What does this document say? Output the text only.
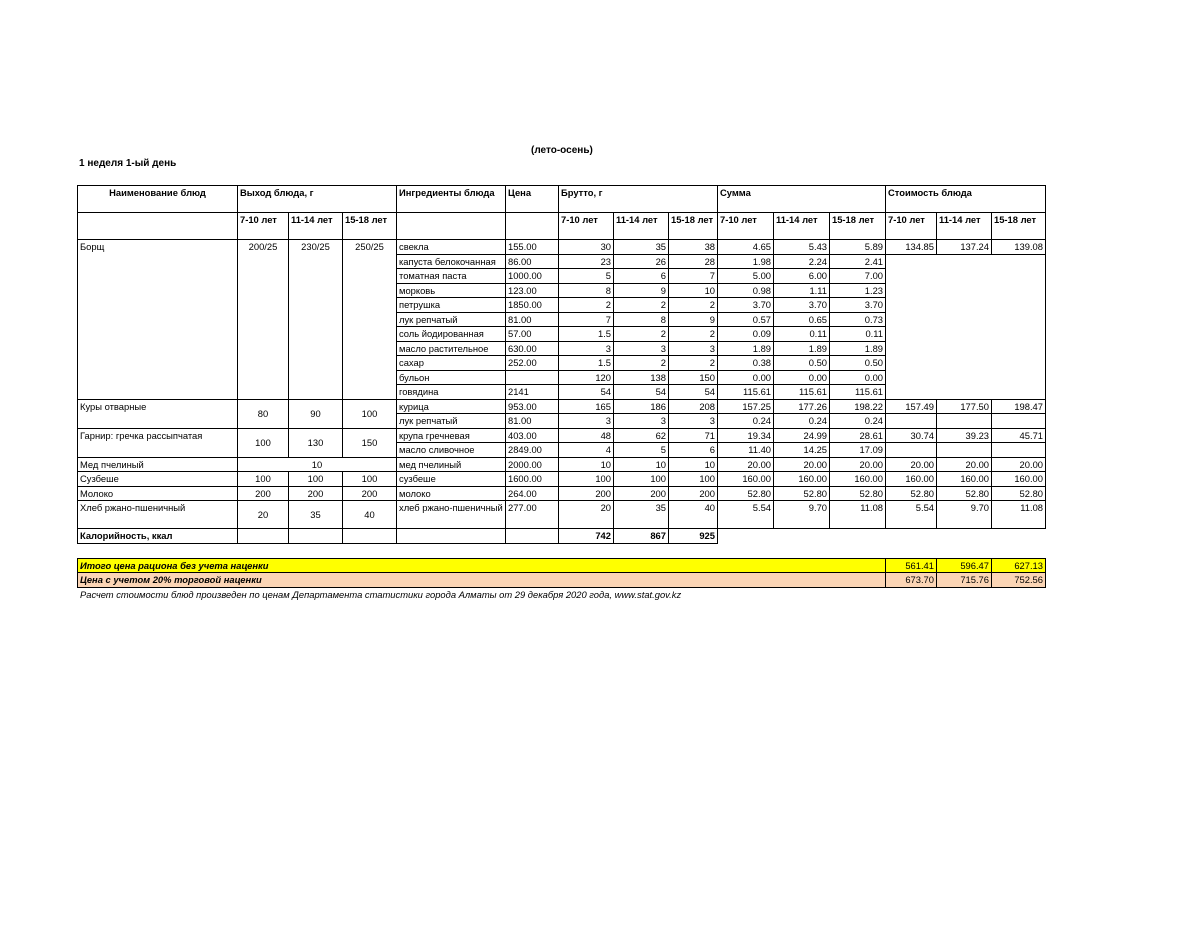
(лето-осень)
1 неделя 1-ый день
Наименование блюд	Выход блюда, г			Ингредиенты блюда	Цена	Брутто, г			Сумма			Стоимость блюда		
	7-10 лет	11-14 лет	15-18 лет			7-10 лет	11-14 лет	15-18 лет	7-10 лет	11-14 лет	15-18 лет	7-10 лет	11-14 лет	15-18 лет
Борщ	200/25	230/25	250/25	свекла	155.00	30	35	38	4.65	5.43	5.89	134.85	137.24	139.08
				капуста белокочанная	86.00	23	26	28	1.98	2.24	2.41			
				томатная паста	1000.00	5	6	7	5.00	6.00	7.00			
				морковь	123.00	8	9	10	0.98	1.11	1.23			
				петрушка	1850.00	2	2	2	3.70	3.70	3.70			
				лук репчатый	81.00	7	8	9	0.57	0.65	0.73			
				соль йодированная	57.00	1.5	2	2	0.09	0.11	0.11			
				масло растительное	630.00	3	3	3	1.89	1.89	1.89			
				сахар	252.00	1.5	2	2	0.38	0.50	0.50			
				бульон		120	138	150	0.00	0.00	0.00			
				говядина	2141	54	54	54	115.61	115.61	115.61			
Куры отварные	80	90	100	курица	953.00	165	186	208	157.25	177.26	198.22	157.49	177.50	198.47
				лук репчатый	81.00	3	3	3	0.24	0.24	0.24			
Гарнир: гречка рассыпчатая	100	130	150	крупа гречневая	403.00	48	62	71	19.34	24.99	28.61	30.74	39.23	45.71
				масло сливочное	2849.00	4	5	6	11.40	14.25	17.09			
Мед пчелиный	10			мед пчелиный	2000.00	10	10	10	20.00	20.00	20.00	20.00	20.00	20.00
Сузбеше	100	100	100	сузбеше	1600.00	100	100	100	160.00	160.00	160.00	160.00	160.00	160.00
Молоко	200	200	200	молоко	264.00	200	200	200	52.80	52.80	52.80	52.80	52.80	52.80
Хлеб ржано-пшеничный	20	35	40	хлеб ржано-пшеничный	277.00	20	35	40	5.54	9.70	11.08	5.54	9.70	11.08
Калорийность, ккал						742	867	925						

Итого цена рациона без учета наценки												561.41	596.47	627.13
Цена с учетом 20% торговой наценки												673.70	715.76	752.56
Расчет стоимости блюд произведен по ценам Департамента статистики города Алматы от 29 декабря 2020 года, www.stat.gov.kz
